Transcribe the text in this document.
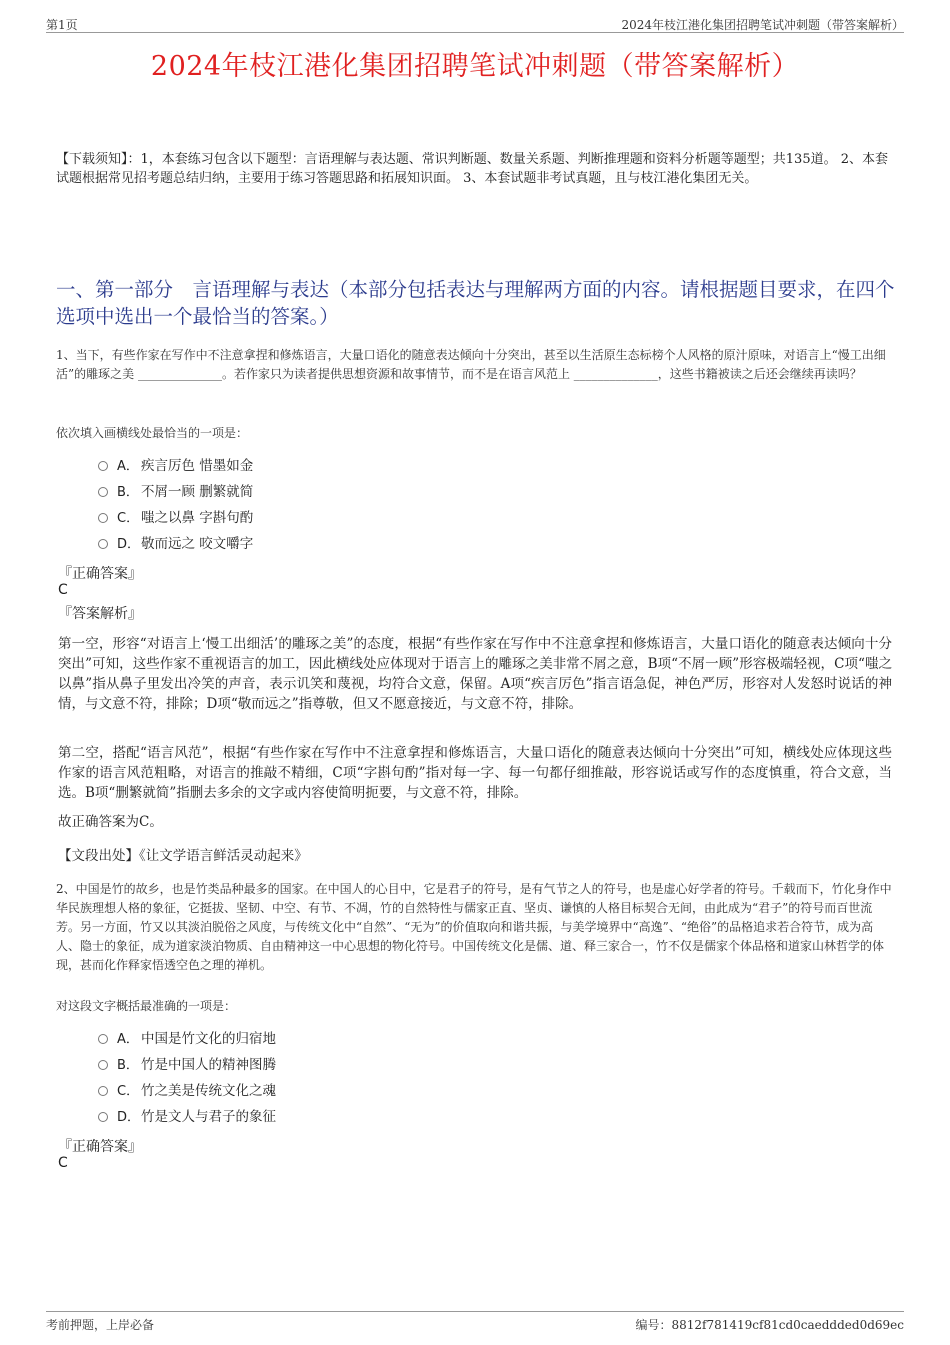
第1页	2024年枝江港化集团招聘笔试冲刺题（带答案解析）
2024年枝江港化集团招聘笔试冲刺题（带答案解析）
【下载须知】：1，本套练习包含以下题型：言语理解与表达题、常识判断题、数量关系题、判断推理题和资料分析题等题型；共135道。 2、本套试题根据常见招考题总结归纳，主要用于练习答题思路和拓展知识面。 3、本套试题非考试真题，且与枝江港化集团无关。
一、第一部分　言语理解与表达（本部分包括表达与理解两方面的内容。请根据题目要求，在四个选项中选出一个最恰当的答案。）
1、当下，有些作家在写作中不注意拿捏和修炼语言，大量口语化的随意表达倾向十分突出，甚至以生活原生态标榜个人风格的原汁原味，对语言上“慢工出细活”的雕琢之美 ______________。若作家只为读者提供思想资源和故事情节，而不是在语言风范上 ______________，这些书籍被读之后还会继续再读吗？
依次填入画横线处最恰当的一项是：
A． 疾言厉色 惜墨如金
B． 不屑一顾 删繁就简
C． 嗤之以鼻 字斟句酌
D．敬而远之 咬文嚼字
『正确答案』
C
『答案解析』
第一空，形容“对语言上‘慢工出细活’的雕琢之美”的态度，根据“有些作家在写作中不注意拿捏和修炼语言，大量口语化的随意表达倾向十分突出”可知，这些作家不重视语言的加工，因此横线处应体现对于语言上的雕琢之美非常不屑之意，B项“不屑一顾”形容极端轻视，C项“嗤之以鼻”指从鼻子里发出冷笑的声音，表示讥笑和蔑视，均符合文意，保留。A项“疾言厉色”指言语急促，神色严厉，形容对人发怒时说话的神情，与文意不符，排除；D项“敬而远之”指尊敬，但又不愿意接近，与文意不符，排除。
第二空，搭配“语言风范”，根据“有些作家在写作中不注意拿捏和修炼语言，大量口语化的随意表达倾向十分突出”可知，横线处应体现这些作家的语言风范粗略，对语言的推敲不精细，C项“字斟句酌”指对每一字、每一句都仔细推敲，形容说话或写作的态度慎重，符合文意，当选。B项“删繁就简”指删去多余的文字或内容使简明扼要，与文意不符，排除。
故正确答案为C。
【文段出处】《让文学语言鲜活灵动起来》
2、中国是竹的故乡，也是竹类品种最多的国家。在中国人的心目中，它是君子的符号，是有气节之人的符号，也是虚心好学者的符号。千载而下，竹化身作中华民族理想人格的象征，它挺拔、坚韧、中空、有节、不凋，竹的自然特性与儒家正直、坚贞、谦慎的人格目标契合无间，由此成为“君子”的符号而百世流芳。另一方面，竹又以其淡泊脱俗之风度，与传统文化中“自然”、“无为”的价值取向和谐共振，与美学境界中“高逸”、“绝俗”的品格追求若合符节，成为高人、隐士的象征，成为道家淡泊物质、自由精神这一中心思想的物化符号。中国传统文化是儒、道、释三家合一，竹不仅是儒家个体品格和道家山林哲学的体现，甚而化作释家悟透空色之理的禅机。
对这段文字概括最准确的一项是：
A． 中国是竹文化的归宿地
B． 竹是中国人的精神图腾
C． 竹之美是传统文化之魂
D．竹是文人与君子的象征
『正确答案』
C
考前押题，上岸必备	编号：8812f781419cf81cd0caeddded0d69ec
